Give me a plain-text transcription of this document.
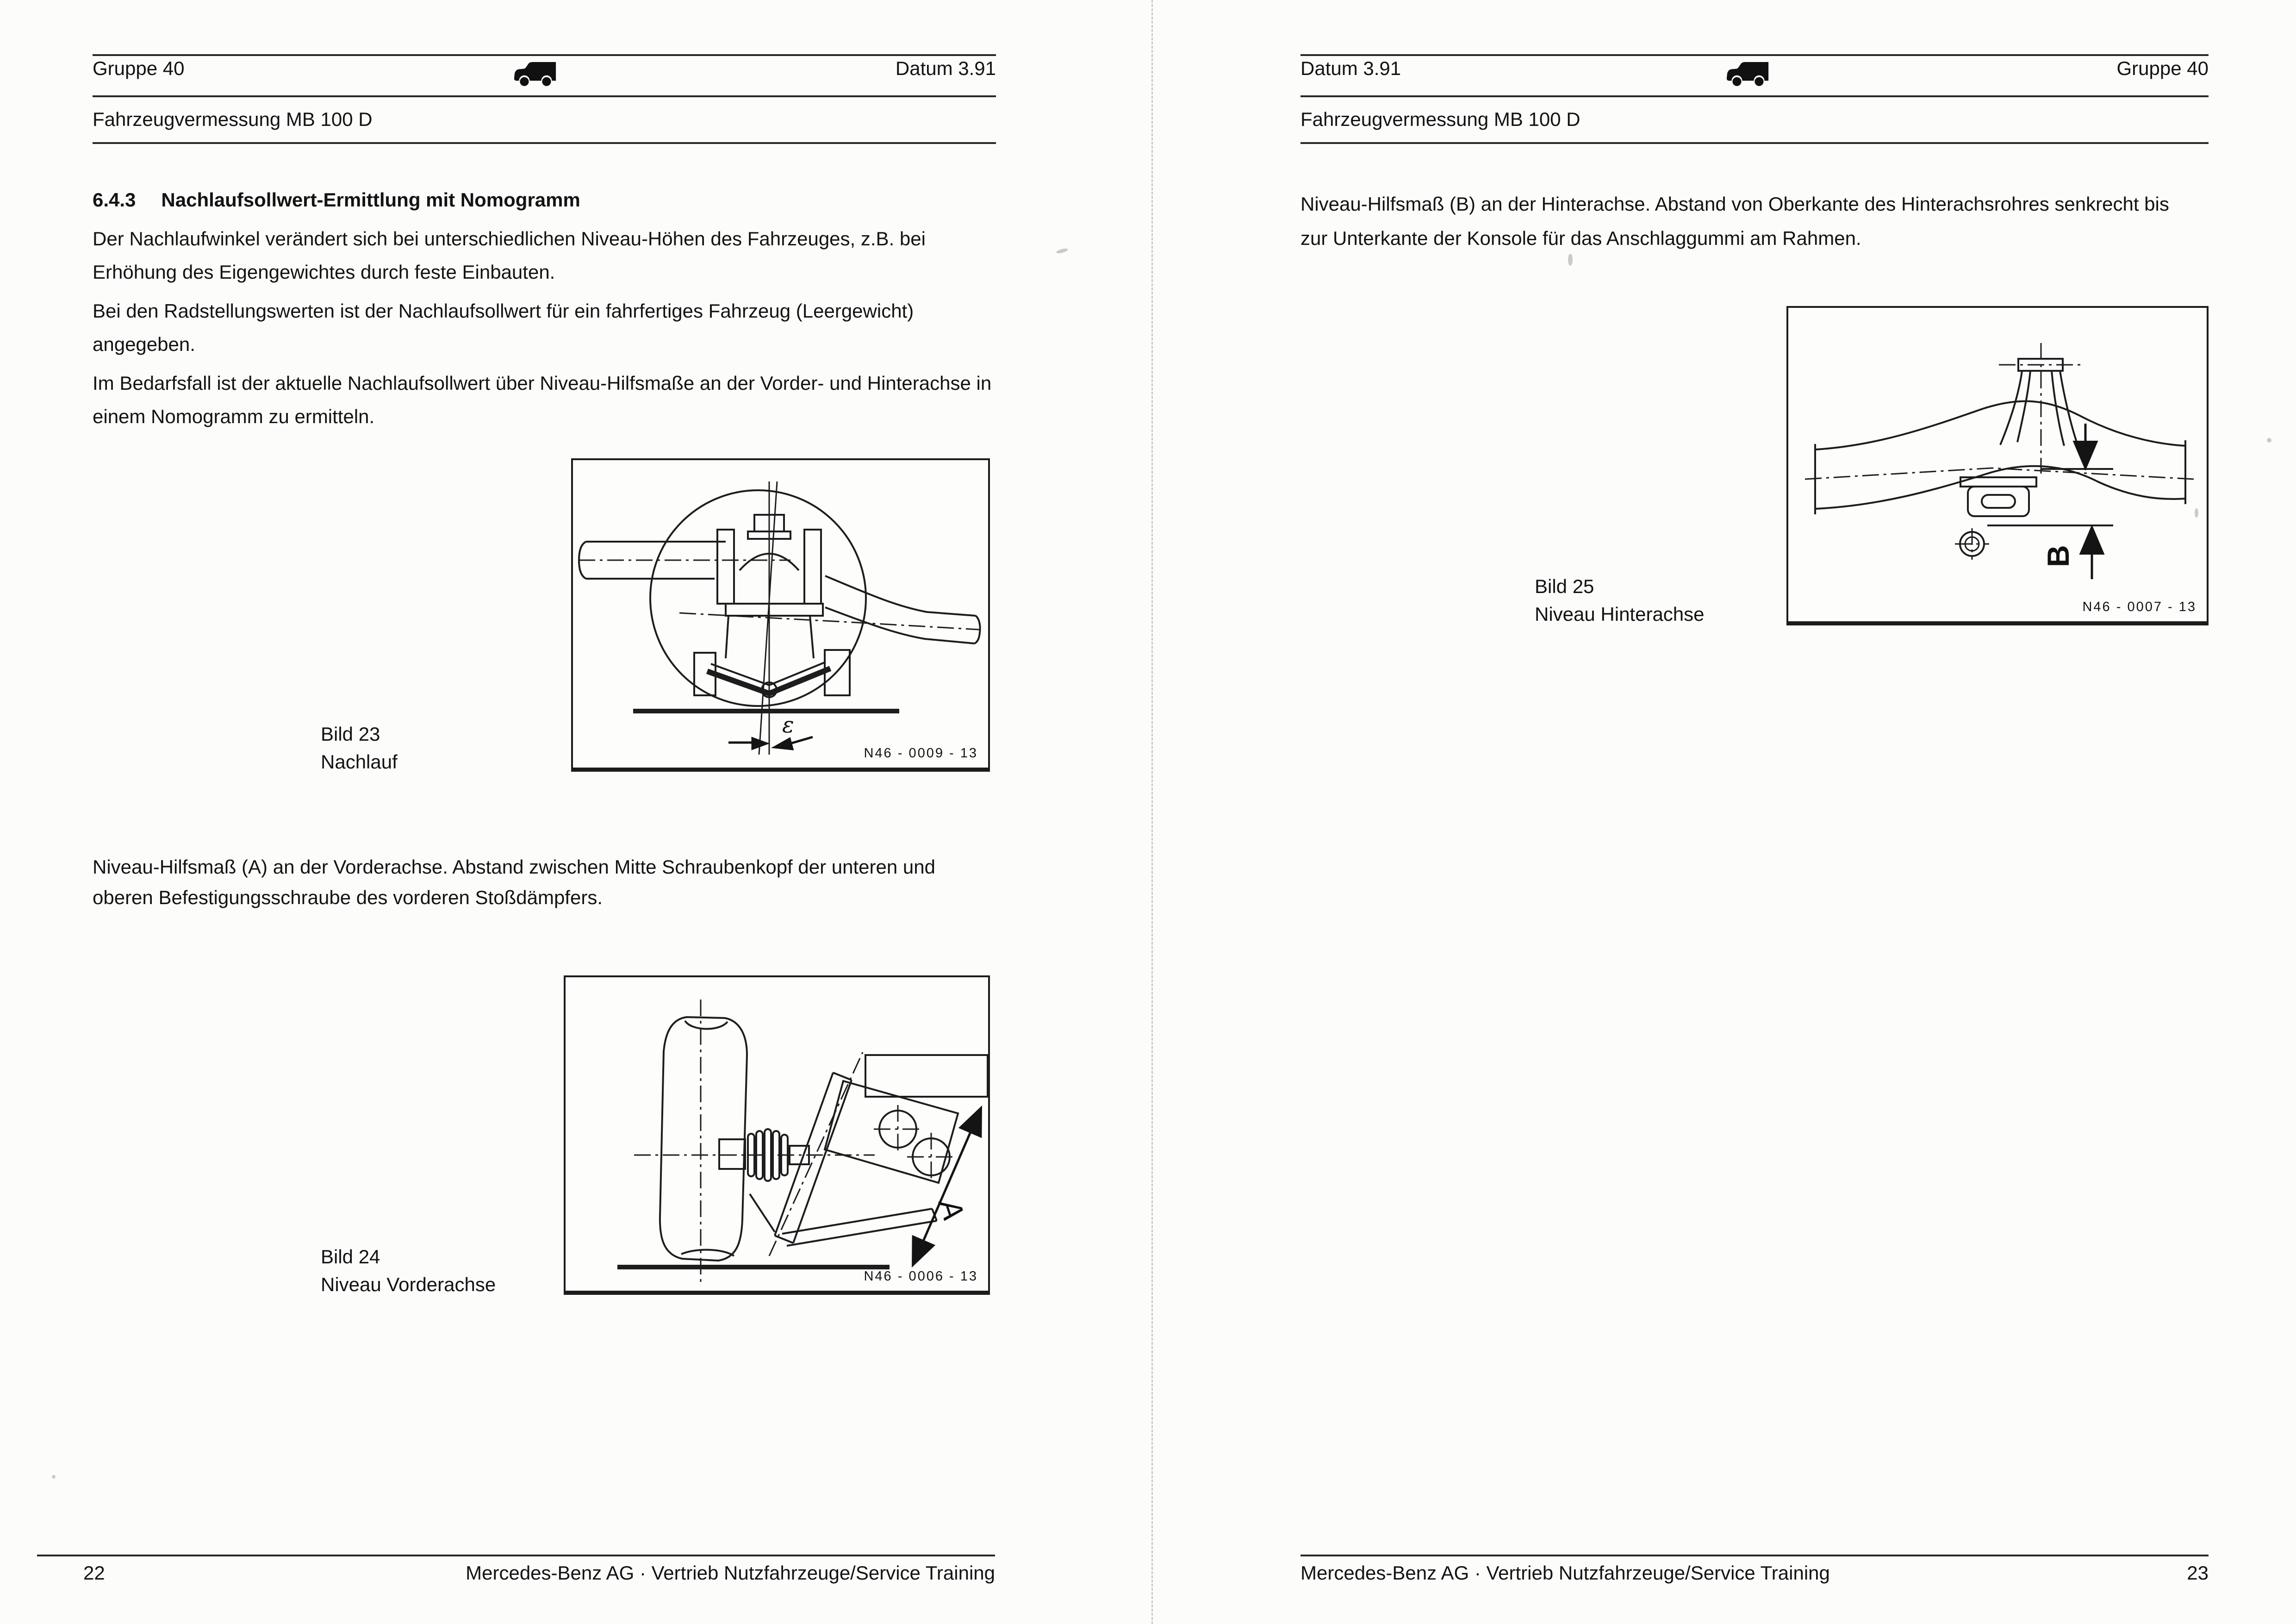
Gruppe 40	Datum 3.91
Fahrzeugvermessung MB 100 D
6.4.3 Nachlaufsollwert-Ermittlung mit Nomogramm
Der Nachlaufwinkel verändert sich bei unterschiedlichen Niveau-Höhen des Fahrzeuges, z.B. bei
Erhöhung des Eigengewichtes durch feste Einbauten.
Bei den Radstellungswerten ist der Nachlaufsollwert für ein fahrfertiges Fahrzeug (Leergewicht)
angegeben.
Im Bedarfsfall ist der aktuelle Nachlaufsollwert über Niveau-Hilfsmaße an der Vorder- und Hinterachse in
einem Nomogramm zu ermitteln.
ε
N46 - 0009 - 13
Bild 23
Nachlauf
Niveau-Hilfsmaß (A) an der Vorderachse. Abstand zwischen Mitte Schraubenkopf der unteren und
oberen Befestigungsschraube des vorderen Stoßdämpfers.
A
N46 - 0006 - 13
Bild 24
Niveau Vorderachse
22	Mercedes-Benz AG · Vertrieb Nutzfahrzeuge/Service Training
Datum 3.91	Gruppe 40
Fahrzeugvermessung MB 100 D
Niveau-Hilfsmaß (B) an der Hinterachse. Abstand von Oberkante des Hinterachsrohres senkrecht bis
zur Unterkante der Konsole für das Anschlaggummi am Rahmen.
B
N46 - 0007 - 13
Bild 25
Niveau Hinterachse
Mercedes-Benz AG · Vertrieb Nutzfahrzeuge/Service Training	23
